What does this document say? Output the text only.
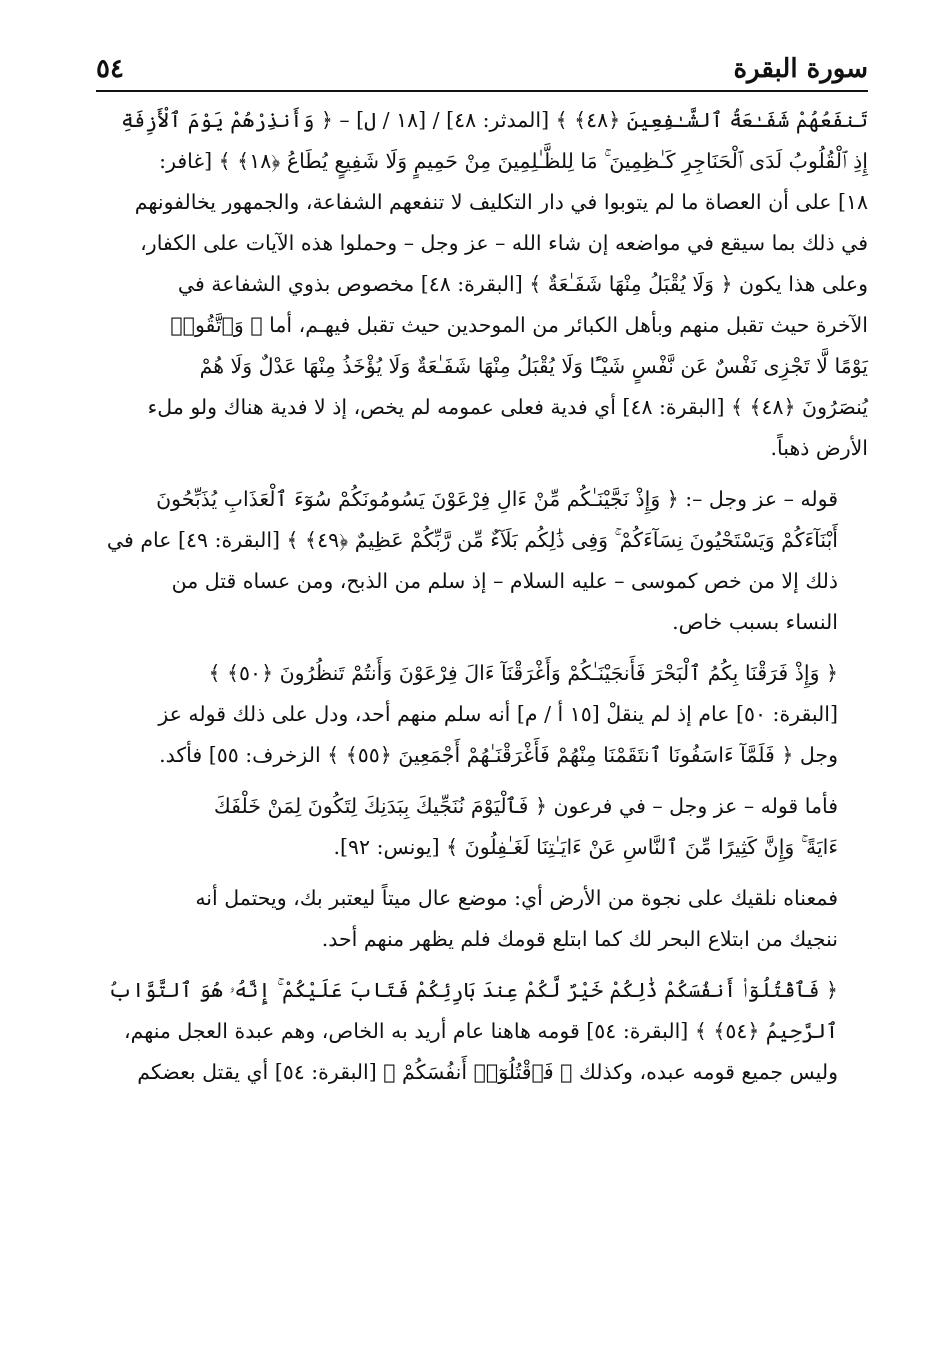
٥٤	سورة البقرة

تَنفَعُهُمْ شَفَـٰعَةُ ٱلشَّـٰفِعِينَ ﴿٤٨﴾ ﴾ [المدثر: ٤٨] / [١٨ / ل] – ﴿ وَأَنذِرْهُمْ يَوْمَ ٱلْأَزِفَةِ
إِذِ ٱلْقُلُوبُ لَدَى ٱلْحَنَاجِرِ كَـٰظِمِينَ ۚ مَا لِلظَّـٰلِمِينَ مِنْ حَمِيمٍ وَلَا شَفِيعٍ يُطَاعُ ﴿١٨﴾ ﴾ [غافر:
١٨] على أن العصاة ما لم يتوبوا في دار التكليف لا تنفعهم الشفاعة، والجمهور يخالفونهم
في ذلك بما سيقع في مواضعه إن شاء الله – عز وجل – وحملوا هذه الآيات على الكفار،
وعلى هذا يكون ﴿ وَلَا يُقْبَلُ مِنْهَا شَفَـٰعَةٌ ﴾ [البقرة: ٤٨] مخصوص بذوي الشفاعة في
الآخرة حيث تقبل منهم وبأهل الكبائر من الموحدين حيث تقبل فيهـم، أما ﴿ وَٱتَّقُوا۟
يَوْمًا لَّا تَجْزِى نَفْسٌ عَن نَّفْسٍ شَيْـًٔا وَلَا يُقْبَلُ مِنْهَا شَفَـٰعَةٌ وَلَا يُؤْخَذُ مِنْهَا عَدْلٌ وَلَا هُمْ
يُنصَرُونَ ﴿٤٨﴾ ﴾ [البقرة: ٤٨] أي فدية فعلى عمومه لم يخص، إذ لا فدية هناك ولو ملء
الأرض ذهباً.

قوله – عز وجل –: ﴿ وَإِذْ نَجَّيْنَـٰكُم مِّنْ ءَالِ فِرْعَوْنَ يَسُومُونَكُمْ سُوٓءَ ٱلْعَذَابِ يُذَبِّحُونَ
أَبْنَآءَكُمْ وَيَسْتَحْيُونَ نِسَآءَكُمْ ۚ وَفِى ذَٰلِكُم بَلَآءٌ مِّن رَّبِّكُمْ عَظِيمٌ ﴿٤٩﴾ ﴾ [البقرة: ٤٩] عام في
ذلك إلا من خص كموسى – عليه السلام – إذ سلم من الذبح، ومن عساه قتل من
النساء بسبب خاص.

﴿ وَإِذْ فَرَقْنَا بِكُمُ ٱلْبَحْرَ فَأَنجَيْنَـٰكُمْ وَأَغْرَقْنَآ ءَالَ فِرْعَوْنَ وَأَنتُمْ تَنظُرُونَ ﴿٥٠﴾ ﴾
[البقرة: ٥٠] عام إذ لم ينقلْ [١٥ أ / م] أنه سلم منهم أحد، ودل على ذلك قوله عز
وجل ﴿ فَلَمَّآ ءَاسَفُونَا ٱنتَقَمْنَا مِنْهُمْ فَأَغْرَقْنَـٰهُمْ أَجْمَعِينَ ﴿٥٥﴾ ﴾ الزخرف: ٥٥] فأكد.

فأما قوله – عز وجل – في فرعون ﴿ فَٱلْيَوْمَ نُنَجِّيكَ بِبَدَنِكَ لِتَكُونَ لِمَنْ خَلْفَكَ
ءَايَةً ۚ وَإِنَّ كَثِيرًا مِّنَ ٱلنَّاسِ عَنْ ءَايَـٰتِنَا لَغَـٰفِلُونَ ﴾ [يونس: ٩٢].

فمعناه نلقيك على نجوة من الأرض أي: موضع عال ميتاً ليعتبر بك، ويحتمل أنه
ننجيك من ابتلاع البحر لك كما ابتلع قومك فلم يظهر منهم أحد.

﴿ فَٱقْتُلُوٓا۟ أَنفُسَكُمْ ذَٰلِكُمْ خَيْرٌ لَّكُمْ عِندَ بَارِئِكُمْ فَتَابَ عَلَيْكُمْ ۚ إِنَّهُۥ هُوَ ٱلتَّوَّابُ
ٱلرَّحِيمُ ﴿٥٤﴾ ﴾ [البقرة: ٥٤] قومه هاهنا عام أريد به الخاص، وهم عبدة العجل منهم،
وليس جميع قومه عبده، وكذلك ﴿ فَٱقْتُلُوٓا۟ أَنفُسَكُمْ ﴾ [البقرة: ٥٤] أي يقتل بعضكم
